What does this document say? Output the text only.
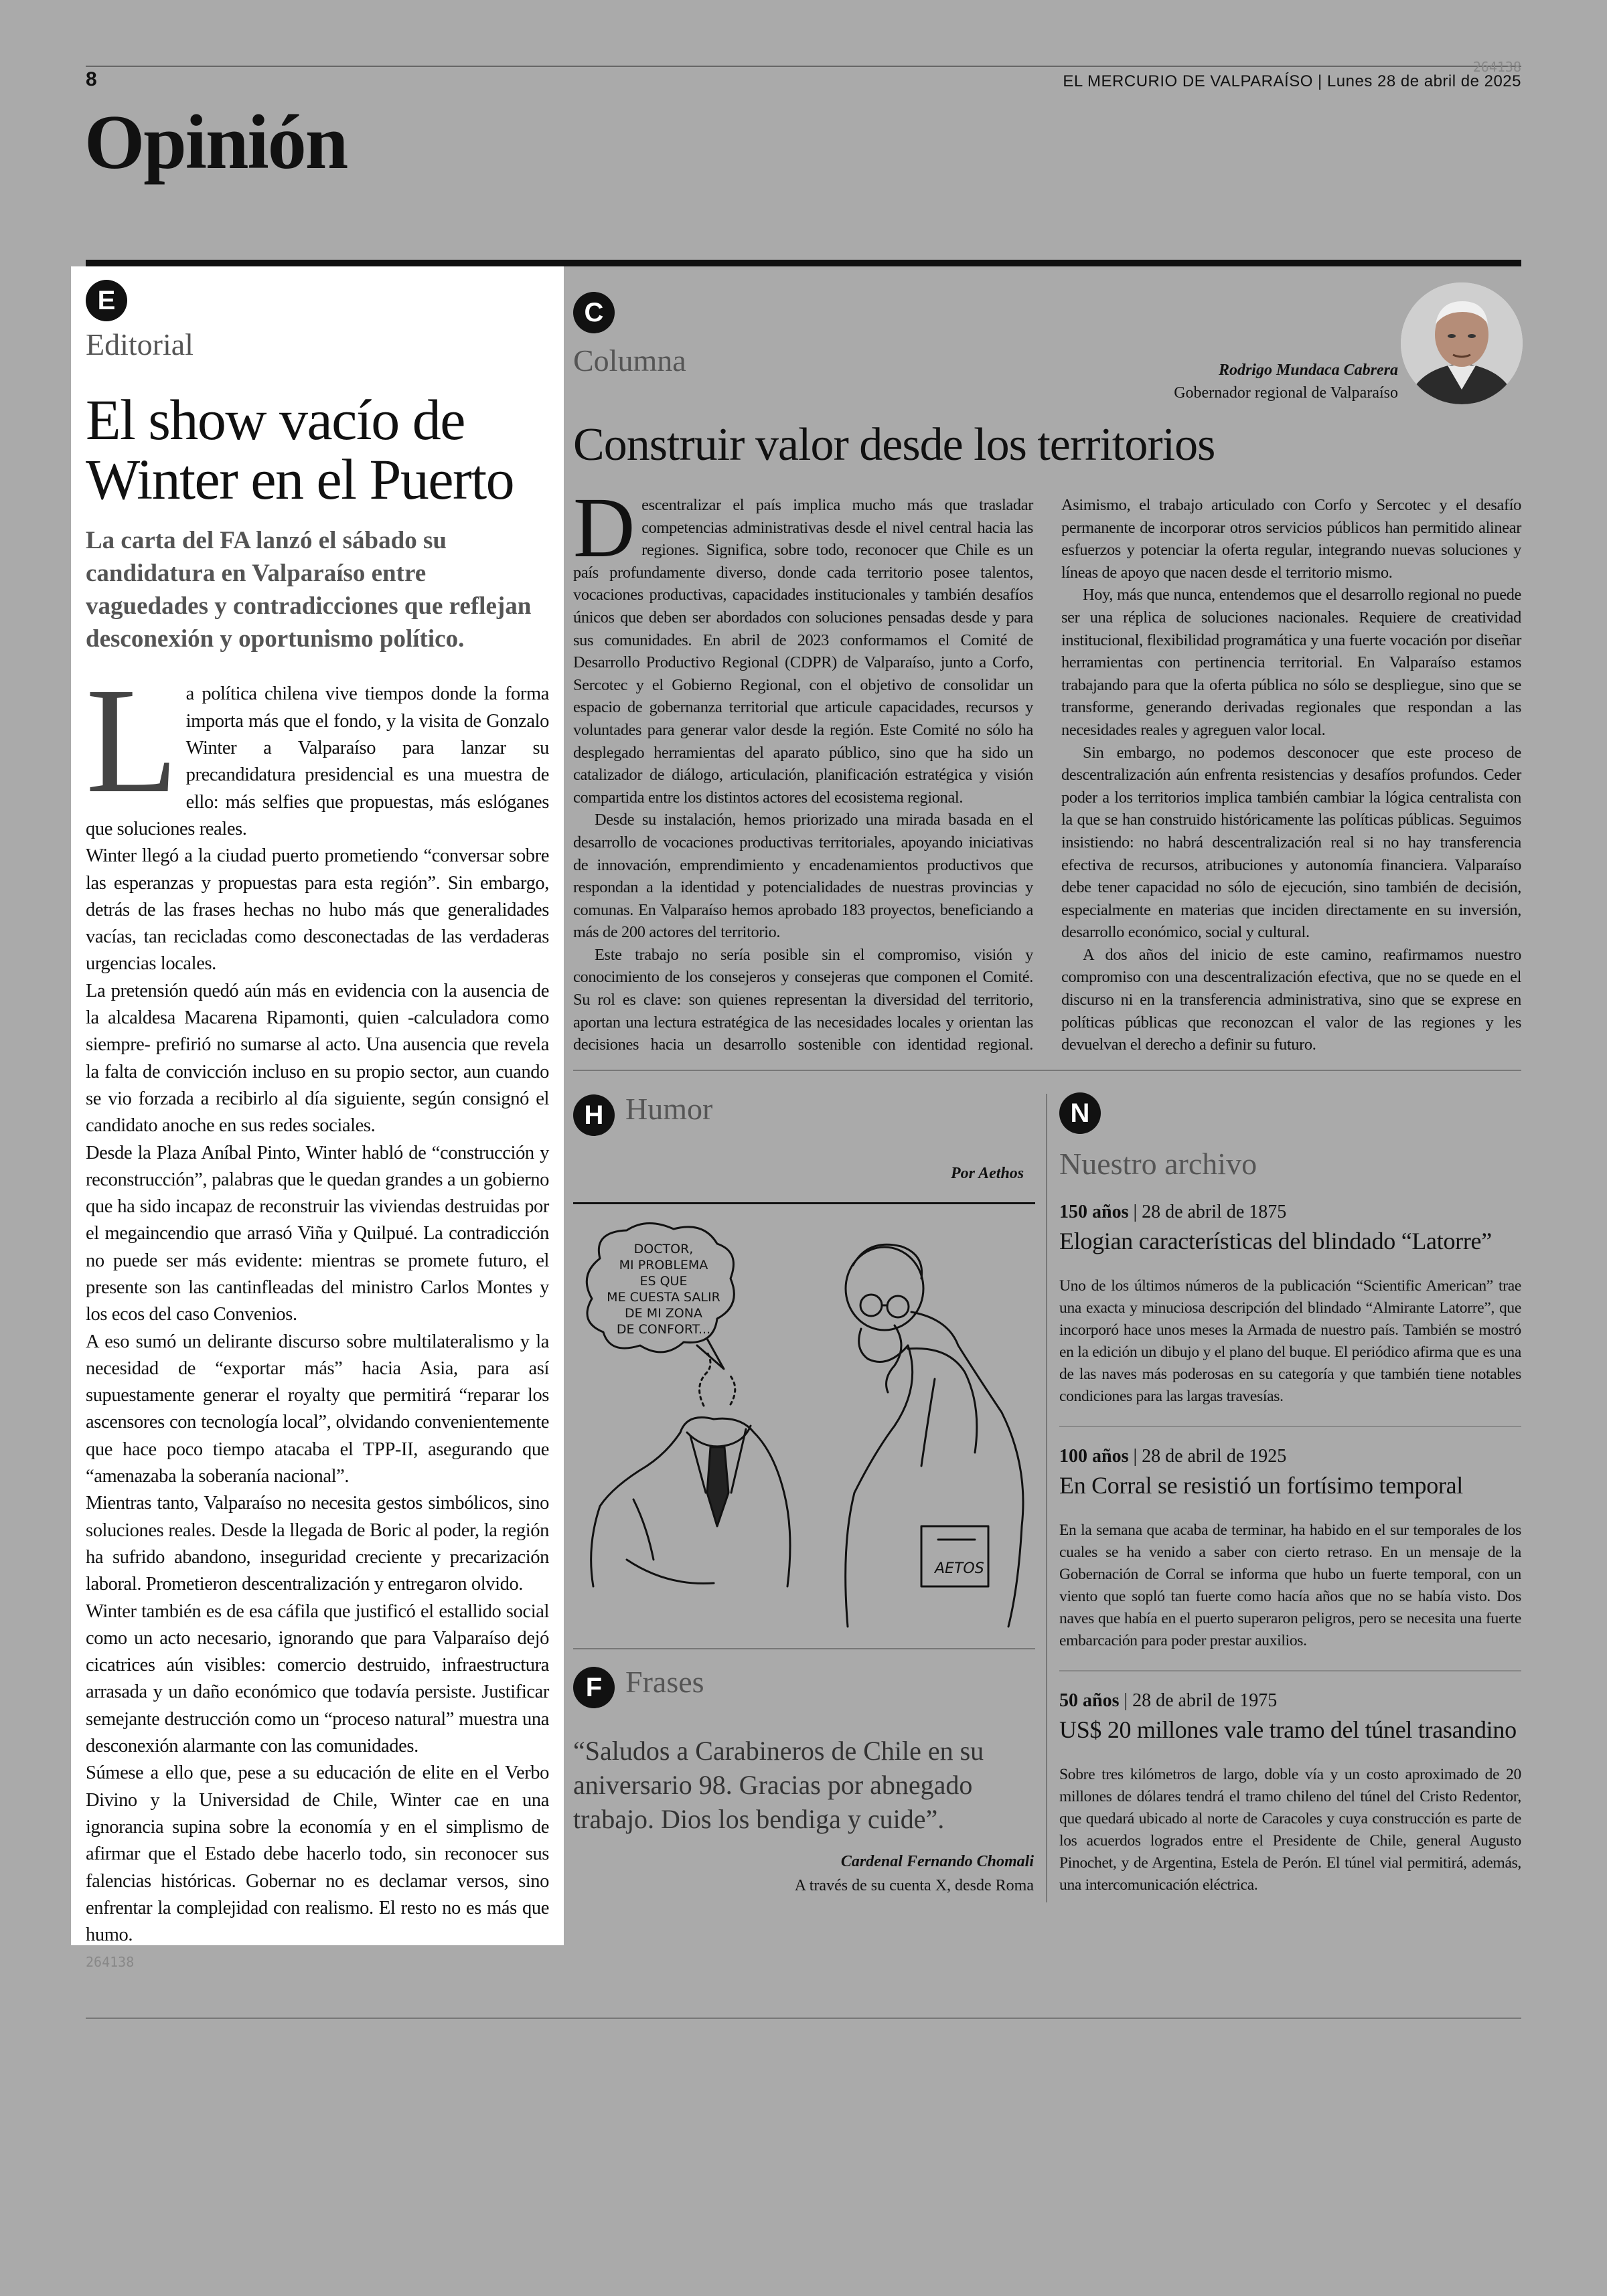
8
264138
EL MERCURIO DE VALPARAÍSO | Lunes 28 de abril de 2025
Opinión
E
Editorial
El show vacío de Winter en el Puerto
La carta del FA lanzó el sábado su candidatura en Valparaíso entre vaguedades y contradicciones que reflejan desconexión y oportunismo político.

La política chilena vive tiempos donde la forma importa más que el fondo, y la visita de Gonzalo Winter a Valparaíso para lanzar su precandidatura presidencial es una muestra de ello: más selfies que propuestas, más eslóganes que soluciones reales.

Winter llegó a la ciudad puerto prometiendo “conversar sobre las esperanzas y propuestas para esta región”. Sin embargo, detrás de las frases hechas no hubo más que generalidades vacías, tan recicladas como desconectadas de las verdaderas urgencias locales.

La pretensión quedó aún más en evidencia con la ausencia de la alcaldesa Macarena Ripamonti, quien -calculadora como siempre- prefirió no sumarse al acto. Una ausencia que revela la falta de convicción incluso en su propio sector, aun cuando se vio forzada a recibirlo al día siguiente, según consignó el candidato anoche en sus redes sociales.

Desde la Plaza Aníbal Pinto, Winter habló de “construcción y reconstrucción”, palabras que le quedan grandes a un gobierno que ha sido incapaz de reconstruir las viviendas destruidas por el megaincendio que arrasó Viña y Quilpué. La contradicción no puede ser más evidente: mientras se promete futuro, el presente son las cantinfleadas del ministro Carlos Montes y los ecos del caso Convenios.

A eso sumó un delirante discurso sobre multilateralismo y la necesidad de “exportar más” hacia Asia, para así supuestamente generar el royalty que permitirá “reparar los ascensores con tecnología local”, olvidando convenientemente que hace poco tiempo atacaba el TPP-II, asegurando que “amenazaba la soberanía nacional”.

Mientras tanto, Valparaíso no necesita gestos simbólicos, sino soluciones reales. Desde la llegada de Boric al poder, la región ha sufrido abandono, inseguridad creciente y precarización laboral. Prometieron descentralización y entregaron olvido.

Winter también es de esa cáfila que justificó el estallido social como un acto necesario, ignorando que para Valparaíso dejó cicatrices aún visibles: comercio destruido, infraestructura arrasada y un daño económico que todavía persiste. Justificar semejante destrucción como un “proceso natural” muestra una desconexión alarmante con las comunidades.

Súmese a ello que, pese a su educación de elite en el Verbo Divino y la Universidad de Chile, Winter cae en una ignorancia supina sobre la economía y en el simplismo de afirmar que el Estado debe hacerlo todo, sin reconocer sus falencias históricas. Gobernar no es declamar versos, sino enfrentar la complejidad con realismo. El resto no es más que humo.

264138
C
Columna	Rodrigo Mundaca Cabrera
Gobernador regional de Valparaíso
Construir valor desde los territorios

Descentralizar el país implica mucho más que trasladar competencias administrativas desde el nivel central hacia las regiones. Significa, sobre todo, reconocer que Chile es un país profundamente diverso, donde cada territorio posee talentos, vocaciones productivas, capacidades institucionales y también desafíos únicos que deben ser abordados con soluciones pensadas desde y para sus comunidades. En abril de 2023 conformamos el Comité de Desarrollo Productivo Regional (CDPR) de Valparaíso, junto a Corfo, Sercotec y el Gobierno Regional, con el objetivo de consolidar un espacio de gobernanza territorial que articule capacidades, recursos y voluntades para generar valor desde la región. Este Comité no sólo ha desplegado herramientas del aparato público, sino que ha sido un catalizador de diálogo, articulación, planificación estratégica y visión compartida entre los distintos actores del ecosistema regional.

Desde su instalación, hemos priorizado una mirada basada en el desarrollo de vocaciones productivas territoriales, apoyando iniciativas de innovación, emprendimiento y encadenamientos productivos que respondan a la identidad y potencialidades de nuestras provincias y comunas. En Valparaíso hemos aprobado 183 proyectos, beneficiando a más de 200 actores del territorio.

Este trabajo no sería posible sin el compromiso, visión y conocimiento de los consejeros y consejeras que componen el Comité. Su rol es clave: son quienes representan la diversidad del territorio, aportan una lectura estratégica de las necesidades locales y orientan las decisiones hacia un desarrollo sostenible con identidad regional. Asimismo, el trabajo articulado con Corfo y Sercotec y el desafío permanente de incorporar otros servicios públicos han permitido alinear esfuerzos y potenciar la oferta regular, integrando nuevas soluciones y líneas de apoyo que nacen desde el territorio mismo.

Hoy, más que nunca, entendemos que el desarrollo regional no puede ser una réplica de soluciones nacionales. Requiere de creatividad institucional, flexibilidad programática y una fuerte vocación por diseñar herramientas con pertinencia territorial. En Valparaíso estamos trabajando para que la oferta pública no sólo se despliegue, sino que se transforme, generando derivadas regionales que respondan a las necesidades reales y agreguen valor local.

Sin embargo, no podemos desconocer que este proceso de descentralización aún enfrenta resistencias y desafíos profundos. Ceder poder a los territorios implica también cambiar la lógica centralista con la que se han construido históricamente las políticas públicas. Seguimos insistiendo: no habrá descentralización real si no hay transferencia efectiva de recursos, atribuciones y autonomía financiera. Valparaíso debe tener capacidad no sólo de ejecución, sino también de decisión, especialmente en materias que inciden directamente en su inversión, desarrollo económico, social y cultural.

A dos años del inicio de este camino, reafirmamos nuestro compromiso con una descentralización efectiva, que no se quede en el discurso ni en la transferencia administrativa, sino que se exprese en políticas públicas que reconozcan el valor de las regiones y les devuelvan el derecho a definir su futuro.

H Humor
Por Aethos
DOCTOR,
MI PROBLEMA
ES QUE
ME CUESTA SALIR
DE MI ZONA
DE CONFORT...
AETOS
F Frases
“Saludos a Carabineros de Chile en su aniversario 98. Gracias por abnegado trabajo. Dios los bendiga y cuide”.
Cardenal Fernando Chomali
A través de su cuenta X, desde Roma
N
Nuestro archivo
150 años | 28 de abril de 1875
Elogian características del blindado “Latorre”
Uno de los últimos números de la publicación “Scientific American” trae una exacta y minuciosa descripción del blindado “Almirante Latorre”, que incorporó hace unos meses la Armada de nuestro país. También se mostró en la edición un dibujo y el plano del buque. El periódico afirma que es una de las naves más poderosas en su categoría y que también tiene notables condiciones para las largas travesías.
100 años | 28 de abril de 1925
En Corral se resistió un fortísimo temporal
En la semana que acaba de terminar, ha habido en el sur temporales de los cuales se ha venido a saber con cierto retraso. En un mensaje de la Gobernación de Corral se informa que hubo un fuerte temporal, con un viento que sopló tan fuerte como hacía años que no se había visto. Dos naves que había en el puerto superaron peligros, pero se necesita una fuerte embarcación para poder prestar auxilios.
50 años | 28 de abril de 1975
US$ 20 millones vale tramo del túnel trasandino
Sobre tres kilómetros de largo, doble vía y un costo aproximado de 20 millones de dólares tendrá el tramo chileno del túnel del Cristo Redentor, que quedará ubicado al norte de Caracoles y cuya construcción es parte de los acuerdos logrados entre el Presidente de Chile, general Augusto Pinochet, y de Argentina, Estela de Perón. El túnel vial permitirá, además, una intercomunicación eléctrica.
